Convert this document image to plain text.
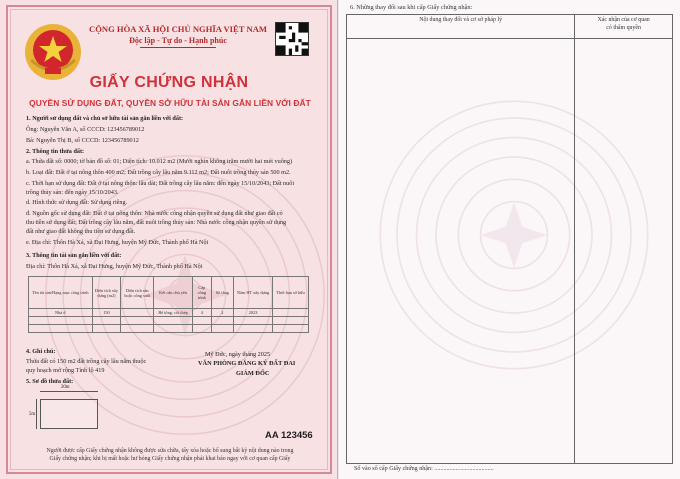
CỘNG HÒA XÃ HỘI CHỦ NGHĨA VIỆT NAM
Độc lập - Tự do - Hạnh phúc
GIẤY CHỨNG NHẬN
QUYỀN SỬ DỤNG ĐẤT, QUYỀN SỞ HỮU TÀI SẢN GẮN LIỀN VỚI ĐẤT
1. Người sử dụng đất và chủ sở hữu tài sản gắn liền với đất:
Ông: Nguyễn Văn A, số CCCD: 123456789012
Bà: Nguyễn Thị B, số CCCD: 123456789012
2. Thông tin thửa đất:
a. Thửa đất số: 0000; tờ bản đồ số: 01; Diện tích: 10.012 m2 (Mười nghìn không trăm mười hai mét vuông)
b. Loại đất: Đất ở tại nông thôn 400 m2; Đất trồng cây lâu năm 9.112 m2; Đất nuôi trồng thủy sản 500 m2.
c. Thời hạn sử dụng đất: Đất ở tại nông thôn: lâu dài; Đất trồng cây lâu năm: đến ngày 15/10/2043; Đất nuôi
trồng thủy sản: đến ngày 15/10/2043.
d. Hình thức sử dụng đất: Sử dụng riêng.
đ. Nguồn gốc sử dụng đất: Đất ở tại nông thôn: Nhà nước công nhận quyền sử dụng đất như giao đất có
thu tiền sử dụng đất; Đất trồng cây lâu năm, đất nuôi trồng thủy sản: Nhà nước công nhận quyền sử dụng
đất như giao đất không thu tiền sử dụng đất.
e. Địa chỉ: Thôn Hà Xá, xã Đại Hưng, huyện Mỹ Đức, Thành phố Hà Nội
3. Thông tin tài sản gắn liền với đất:
Địa chỉ: Thôn Hà Xá, xã Đại Hưng, huyện Mỹ Đức, Thành phố Hà Nội
Tên tài sản/Hạng mục công trình	Diện tích xây dựng (m2)	Diện tích sàn hoặc công suất	Kết cấu chủ yếu	Cấp công trình	Số tầng	Năm HT xây dựng	Thời hạn sở hữu
Nhà ở	150		Bê tông, cốt thép	4	2	2023	

4. Ghi chú:
Thửa đất có 150 m2 đất trồng cây lâu năm thuộc
quy hoạch mở rộng Tỉnh lộ 419
Mỹ Đức, ngày tháng 2025
VĂN PHÒNG ĐĂNG KÝ ĐẤT ĐAI
GIÁM ĐỐC
5. Sơ đồ thửa đất:
20m
5m
AA 123456
Người được cấp Giấy chứng nhận không được sửa chữa, tẩy xóa hoặc bổ sung bất kỳ nội dung nào trong
Giấy chứng nhận; khi bị mất hoặc hư hỏng Giấy chứng nhận phải khai báo ngay với cơ quan cấp Giấy
6. Những thay đổi sau khi cấp Giấy chứng nhận:
Nội dung thay đổi và cơ sở pháp lý	Xác nhận của cơ quan
có thẩm quyền

Số vào sổ cấp Giấy chứng nhận: .......................................
